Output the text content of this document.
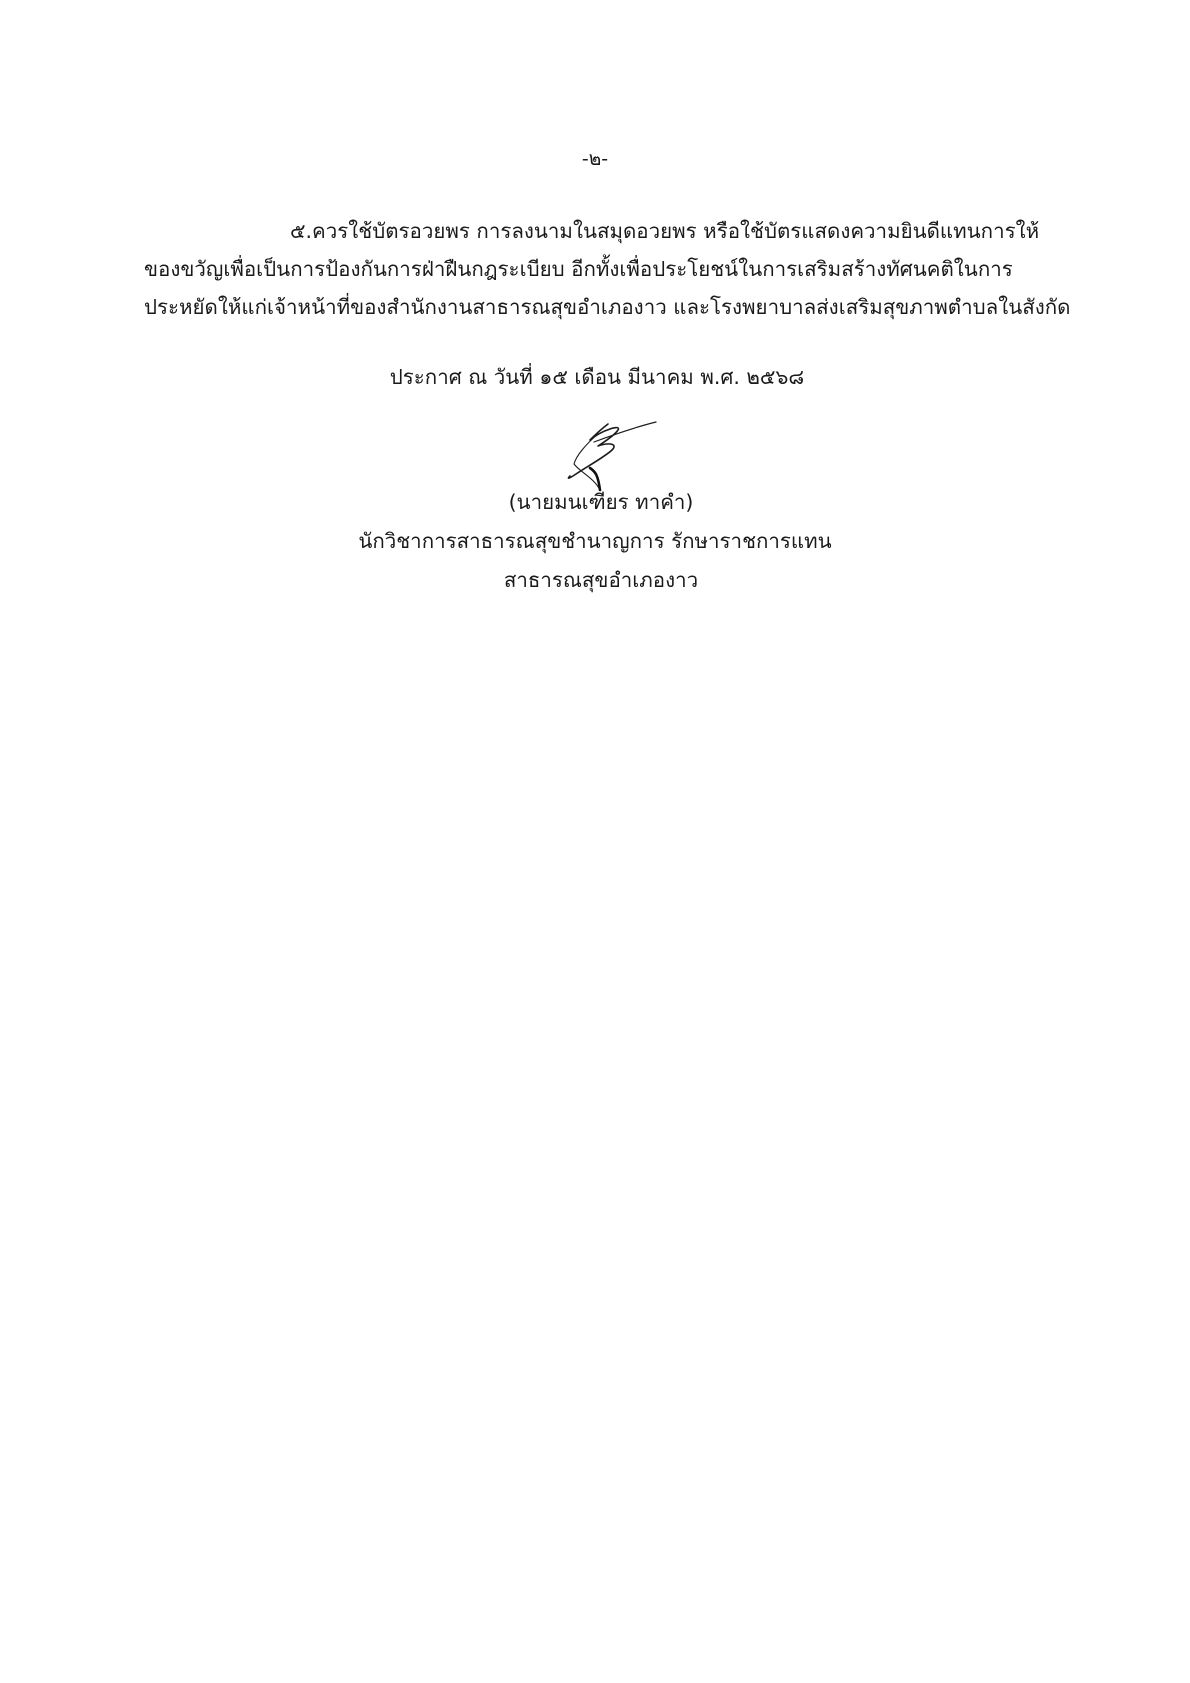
-๒-
๕.ควรใช้บัตรอวยพร การลงนามในสมุดอวยพร หรือใช้บัตรแสดงความยินดีแทนการให้
ของขวัญเพื่อเป็นการป้องกันการฝ่าฝืนกฎระเบียบ อีกทั้งเพื่อประโยชน์ในการเสริมสร้างทัศนคติในการ
ประหยัดให้แก่เจ้าหน้าที่ของสำนักงานสาธารณสุขอำเภองาว และโรงพยาบาลส่งเสริมสุขภาพตำบลในสังกัด
ประกาศ ณ วันที่ ๑๕ เดือน มีนาคม พ.ศ. ๒๕๖๘
(นายมนเฑียร ทาคำ)
นักวิชาการสาธารณสุขชำนาญการ รักษาราชการแทน
สาธารณสุขอำเภองาว
